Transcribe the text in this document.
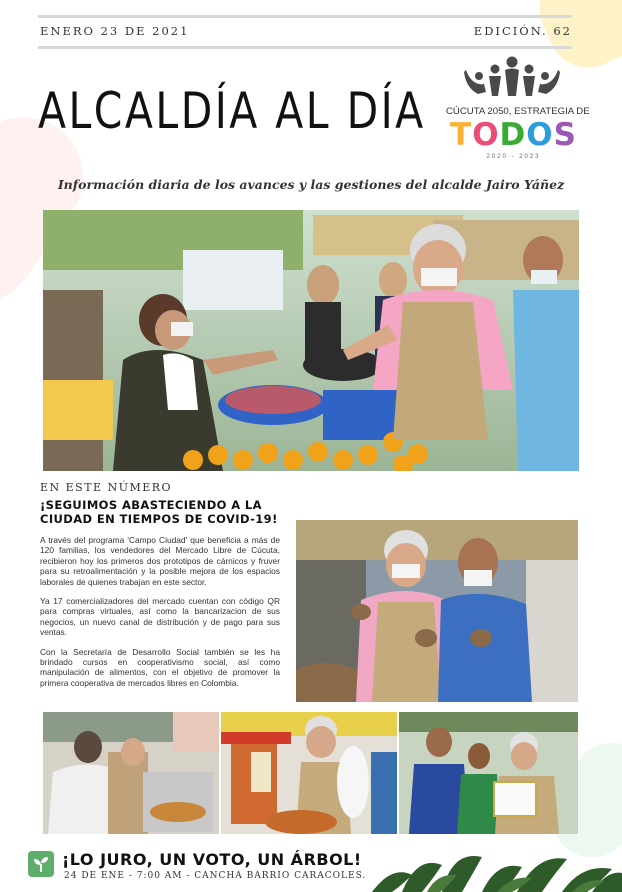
ENERO 23 DE 2021	EDICIÓN. 62
ALCALDÍA AL DÍA	CÚCUTA 2050, ESTRATEGIA DE
TODOS
2020 - 2023
Información diaria de los avances y las gestiones del alcalde Jairo Yáñez
EN ESTE NÚMERO
¡SEGUIMOS ABASTECIENDO A LA CIUDAD EN TIEMPOS DE COVID-19!

A través del programa 'Campo Ciudad' que beneficia a más de 120 familias, los vendedores del Mercado Libre de Cúcuta, recibieron hoy los primeros dos prototipos de cárnicos y fruver para su retroalimentación y la posible mejora de los espacios laborales de quienes trabajan en este sector.

Ya 17 comercializadores del mercado cuentan con código QR para compras virtuales, así como la bancarizacion de sus negocios, un nuevo canal de distribución y de pago para sus ventas.

Con la Secretaría de Desarrollo Social también se les ha brindado cursos en cooperativismo social, así como manipulación de alimentos, con el objetivo de promover la primera cooperativa de mercados libres en Colombia.

¡LO JURO, UN VOTO, UN ÁRBOL!
24 DE ENE - 7:00 AM - CANCHA BARRIO CARACOLES.
